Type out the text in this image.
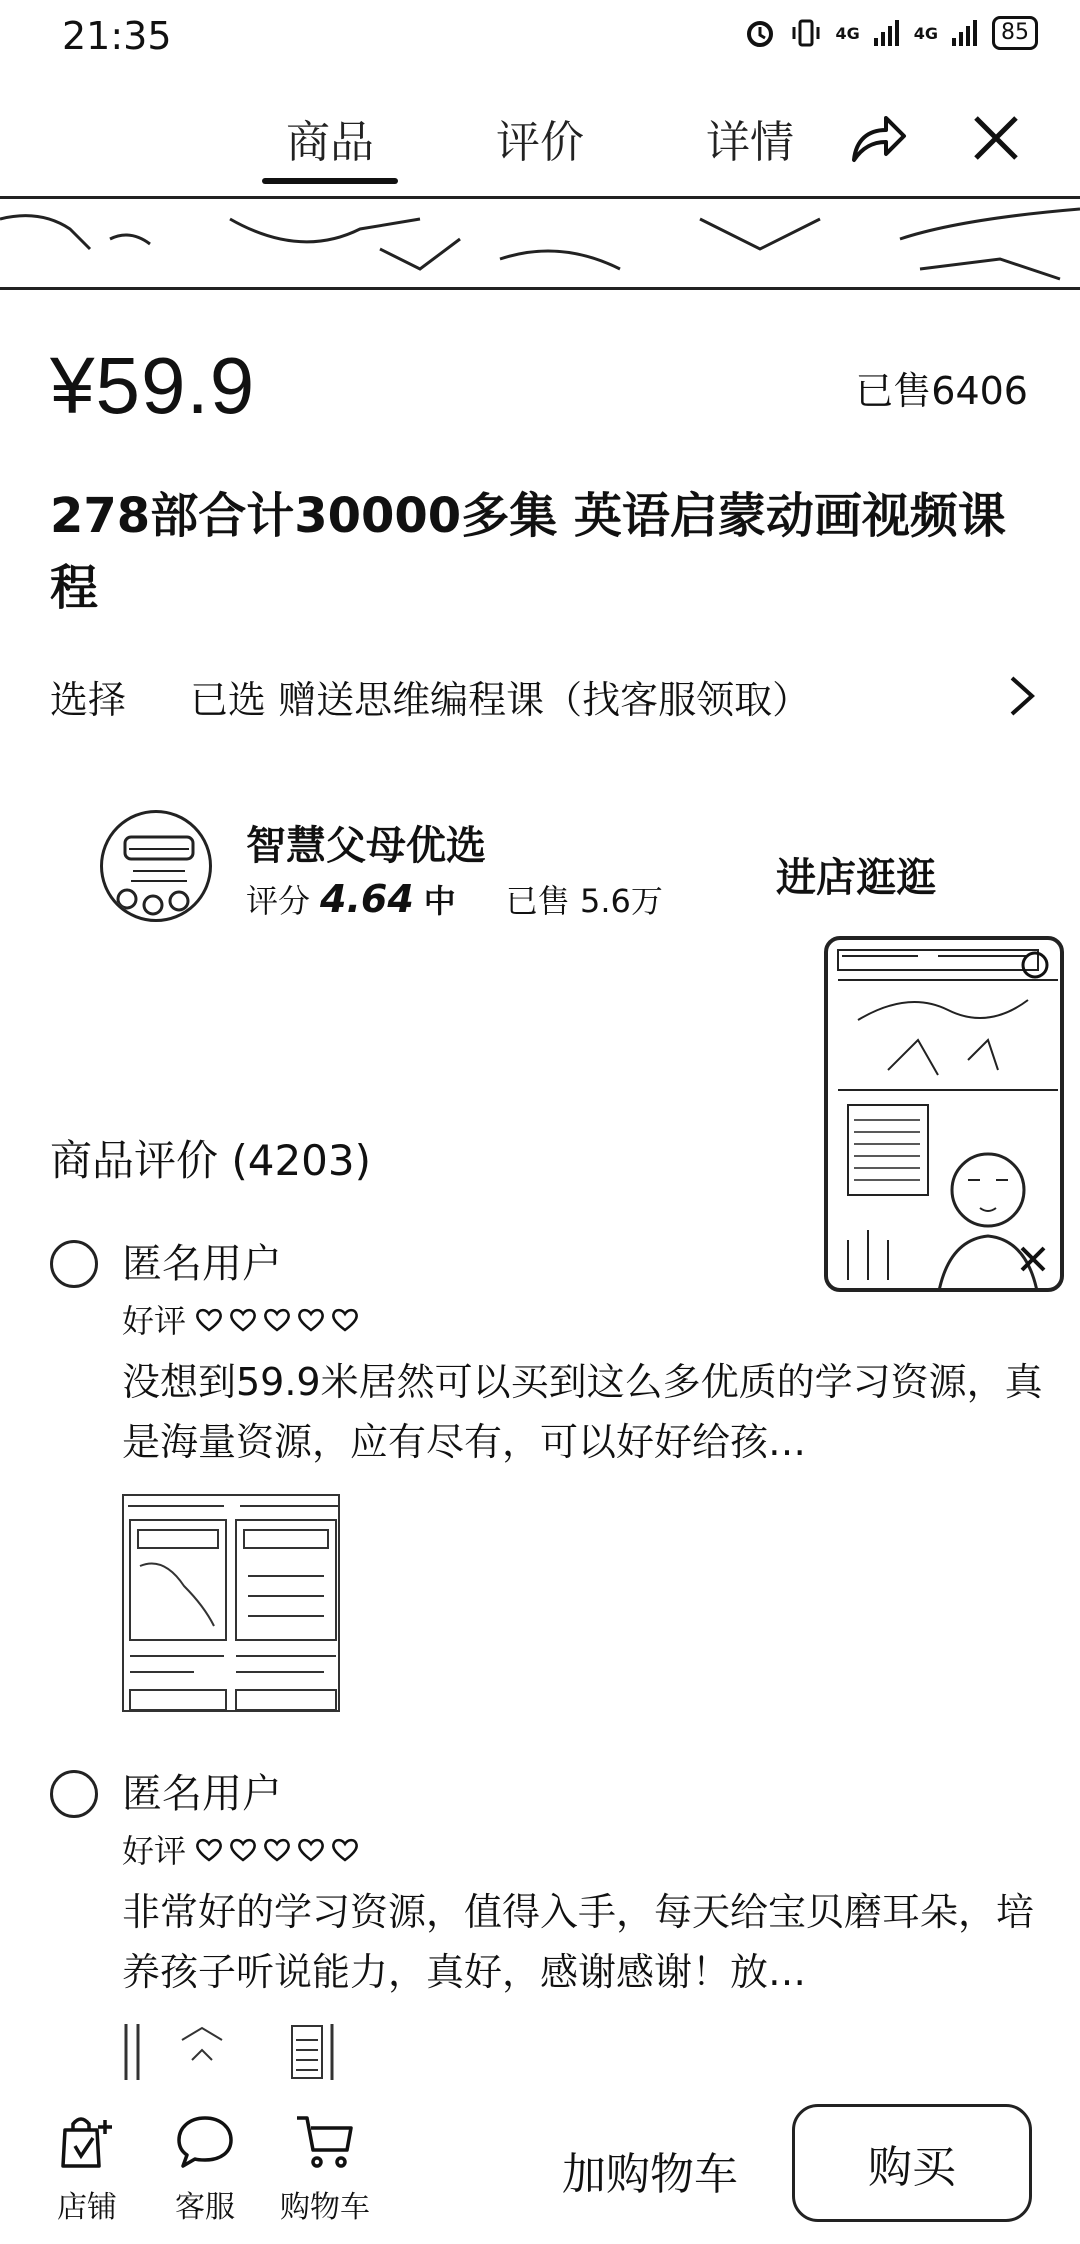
21:35	4G	4G	85
商品	评价	详情
¥59.9	已售6406
278部合计30000多集 英语启蒙动画视频课程
选择	已选 赠送思维编程课（找客服领取）
智慧父母优选
评分 4.64 中 已售 5.6万	进店逛逛
商品评价 (4203)
匿名用户
好评
没想到59.9米居然可以买到这么多优质的学习资源，真是海量资源，应有尽有，可以好好给孩…
匿名用户
好评
非常好的学习资源，值得入手，每天给宝贝磨耳朵，培养孩子听说能力，真好，感谢感谢！放…
店铺	客服	购物车
加购物车	购买
